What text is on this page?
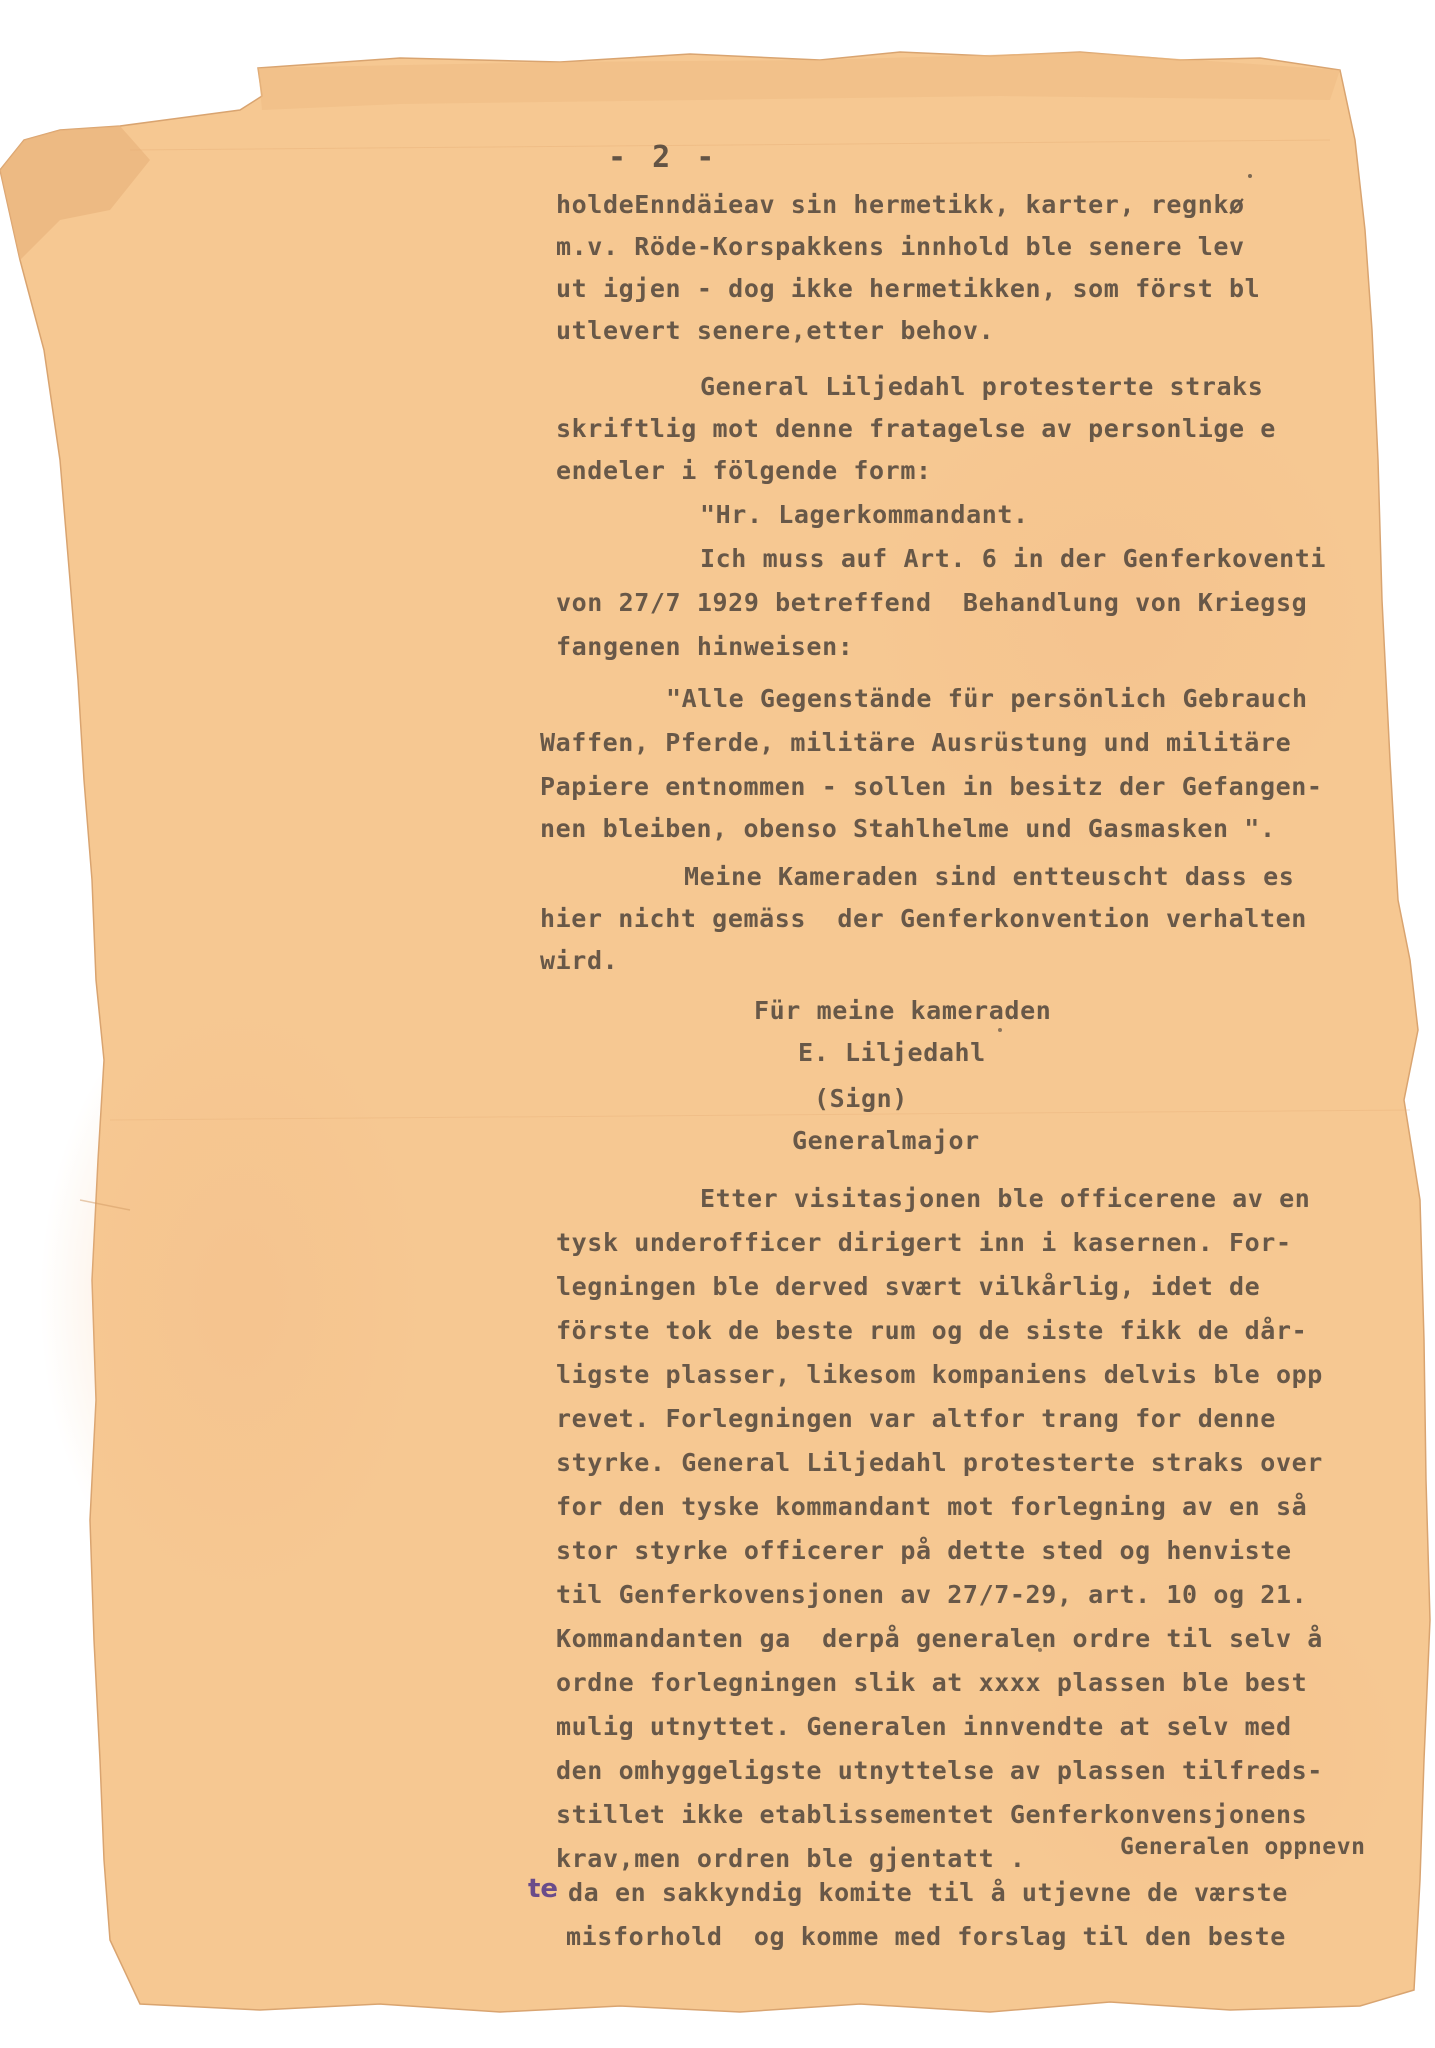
- 2 -
holdeEnndäieav sin hermetikk, karter, regnkø
m.v. Röde-Korspakkens innhold ble senere lev
ut igjen - dog ikke hermetikken, som först bl
utlevert senere,etter behov.
General Liljedahl protesterte straks
skriftlig mot denne fratagelse av personlige e
endeler i fölgende form:
"Hr. Lagerkommandant.
Ich muss auf Art. 6 in der Genferkoventi
von 27/7 1929 betreffend  Behandlung von Kriegsg
fangenen hinweisen:
"Alle Gegenstände für persönlich Gebrauch
Waffen, Pferde, militäre Ausrüstung und militäre
Papiere entnommen - sollen in besitz der Gefangen-
nen bleiben, obenso Stahlhelme und Gasmasken ".
Meine Kameraden sind entteuscht dass es
hier nicht gemäss  der Genferkonvention verhalten
wird.
Für meine kameraden
E. Liljedahl
(Sign)
Generalmajor
Etter visitasjonen ble officerene av en
tysk underofficer dirigert inn i kasernen. For-
legningen ble derved svært vilkårlig, idet de
förste tok de beste rum og de siste fikk de dår-
ligste plasser, likesom kompaniens delvis ble opp
revet. Forlegningen var altfor trang for denne
styrke. General Liljedahl protesterte straks over
for den tyske kommandant mot forlegning av en så
stor styrke officerer på dette sted og henviste
til Genferkovensjonen av 27/7-29, art. 10 og 21.
Kommandanten ga  derpå generalen ordre til selv å
ordne forlegningen slik at xxxx plassen ble best
mulig utnyttet. Generalen innvendte at selv med
den omhyggeligste utnyttelse av plassen tilfreds-
stillet ikke etablissementet Genferkonvensjonens
krav,men ordren ble gjentatt .	Generalen oppnevn
te da en sakkyndig komite til å utjevne de værste
misforhold  og komme med forslag til den beste
